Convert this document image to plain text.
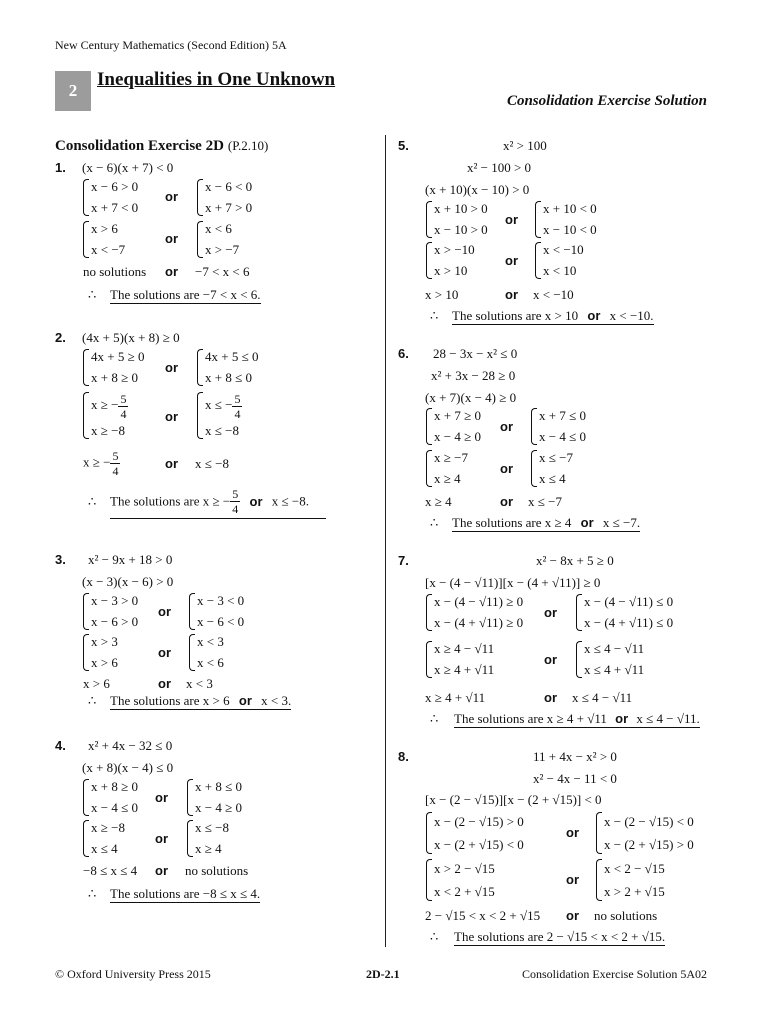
New Century Mathematics (Second Edition) 5A
2
Inequalities in One Unknown
Consolidation Exercise Solution
Consolidation Exercise 2D (P.2.10)
1. (x − 6)(x + 7) < 0
x − 6 > 0
x + 7 < 0
or
x − 6 < 0
x + 7 > 0
x > 6
x < −7
or
x < 6
x > −7
no solutions or −7 < x < 6
∴ The solutions are −7 < x < 6.
2. (4x + 5)(x + 8) ≥ 0
4x + 5 ≥ 0
x + 8 ≥ 0
or
4x + 5 ≤ 0
x + 8 ≤ 0
x ≥ − $\frac{5}{4}$
x ≥ −8
or
x ≤ − $\frac{5}{4}$
x ≤ −8
x ≥ − $\frac{5}{4}$	or x ≤ −8
∴ The solutions are x ≥ − $\frac{5}{4}$ or x ≤ −8.
3. x² − 9x + 18 > 0
(x − 3)(x − 6) > 0
x − 3 > 0
x − 6 > 0
or
x − 3 < 0
x − 6 < 0
x > 3
x > 6
or
x < 3
x < 6
x > 6	or x < 3
∴ The solutions are x > 6 or x < 3.
4. x² + 4x − 32 ≤ 0
(x + 8)(x − 4) ≤ 0
x + 8 ≥ 0
x − 4 ≤ 0
or
x + 8 ≤ 0
x − 4 ≥ 0
x ≥ −8
x ≤ 4
or
x ≤ −8
x ≥ 4
−8 ≤ x ≤ 4 or no solutions
∴ The solutions are −8 ≤ x ≤ 4.
5.	x² > 100
x² − 100 > 0
(x + 10)(x − 10) > 0
x + 10 > 0
x − 10 > 0
or
x + 10 < 0
x − 10 < 0
x > −10
x > 10
or
x < −10
x < 10
x > 10	or x < −10
∴ The solutions are x > 10 or x < −10.
6. 28 − 3x − x² ≤ 0
x² + 3x − 28 ≥ 0
(x + 7)(x − 4) ≥ 0
x + 7 ≥ 0
x − 4 ≥ 0
or
x + 7 ≤ 0
x − 4 ≤ 0
x ≥ −7
x ≥ 4
or
x ≤ −7
x ≤ 4
x ≥ 4	or x ≤ −7
∴ The solutions are x ≥ 4 or x ≤ −7.
7.	x² − 8x + 5 ≥ 0
[x − (4 − √11)][x − (4 + √11)] ≥ 0
x − (4 − √11) ≥ 0
x − (4 + √11) ≥ 0
or
x − (4 − √11) ≤ 0
x − (4 + √11) ≤ 0
x ≥ 4 − √11
x ≥ 4 + √11
or
x ≤ 4 − √11
x ≤ 4 + √11
x ≥ 4 + √11	or x ≤ 4 − √11
∴ The solutions are x ≥ 4 + √11 or x ≤ 4 − √11.
8.	11 + 4x − x² > 0
x² − 4x − 11 < 0
[x − (2 − √15)][x − (2 + √15)] < 0
x − (2 − √15) > 0
x − (2 + √15) < 0
or
x − (2 − √15) < 0
x − (2 + √15) > 0
x > 2 − √15
x < 2 + √15
or
x < 2 − √15
x > 2 + √15
2 − √15 < x < 2 + √15 or no solutions
∴ The solutions are 2 − √15 < x < 2 + √15.
© Oxford University Press 2015	2D-2.1	Consolidation Exercise Solution 5A02
